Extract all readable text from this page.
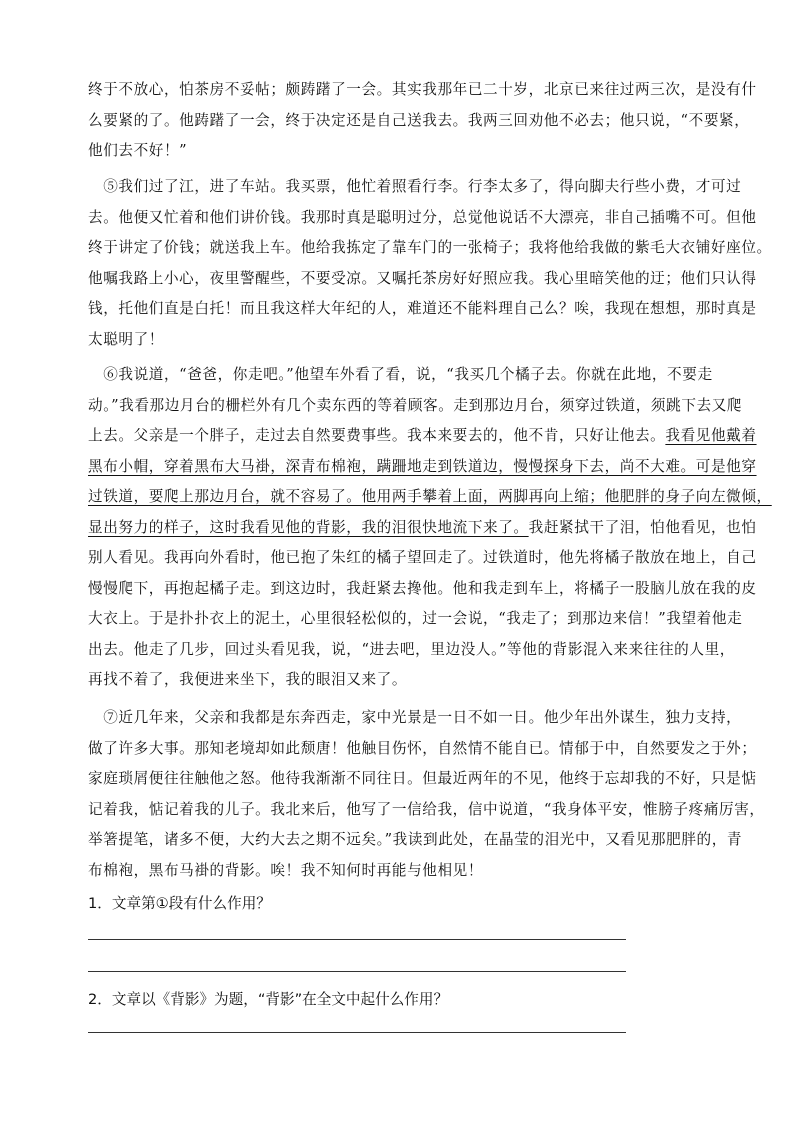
终于不放心，怕茶房不妥帖；颇踌躇了一会。其实我那年已二十岁，北京已来往过两三次，是没有什
么要紧的了。他踌躇了一会，终于决定还是自己送我去。我两三回劝他不必去；他只说，“不要紧，
他们去不好！”
　⑤我们过了江，进了车站。我买票，他忙着照看行李。行李太多了，得向脚夫行些小费，才可过
去。他便又忙着和他们讲价钱。我那时真是聪明过分，总觉他说话不大漂亮，非自己插嘴不可。但他
终于讲定了价钱；就送我上车。他给我拣定了靠车门的一张椅子；我将他给我做的紫毛大衣铺好座位。
他嘱我路上小心，夜里警醒些，不要受凉。又嘱托茶房好好照应我。我心里暗笑他的迂；他们只认得
钱，托他们直是白托！而且我这样大年纪的人，难道还不能料理自己么？唉，我现在想想，那时真是
太聪明了！
　⑥我说道，“爸爸，你走吧。”他望车外看了看，说，“我买几个橘子去。你就在此地，不要走
动。”我看那边月台的栅栏外有几个卖东西的等着顾客。走到那边月台，须穿过铁道，须跳下去又爬
上去。父亲是一个胖子，走过去自然要费事些。我本来要去的，他不肯，只好让他去。我看见他戴着
黑布小帽，穿着黑布大马褂，深青布棉袍，蹒跚地走到铁道边，慢慢探身下去，尚不大难。可是他穿
过铁道，要爬上那边月台，就不容易了。他用两手攀着上面，两脚再向上缩；他肥胖的身子向左微倾，
显出努力的样子，这时我看见他的背影，我的泪很快地流下来了。我赶紧拭干了泪，怕他看见，也怕
别人看见。我再向外看时，他已抱了朱红的橘子望回走了。过铁道时，他先将橘子散放在地上，自己
慢慢爬下，再抱起橘子走。到这边时，我赶紧去搀他。他和我走到车上，将橘子一股脑儿放在我的皮
大衣上。于是扑扑衣上的泥土，心里很轻松似的，过一会说，“我走了；到那边来信！”我望着他走
出去。他走了几步，回过头看见我，说，“进去吧，里边没人。”等他的背影混入来来往往的人里，
再找不着了，我便进来坐下，我的眼泪又来了。
　⑦近几年来，父亲和我都是东奔西走，家中光景是一日不如一日。他少年出外谋生，独力支持，
做了许多大事。那知老境却如此颓唐！他触目伤怀，自然情不能自已。情郁于中，自然要发之于外；
家庭琐屑便往往触他之怒。他待我渐渐不同往日。但最近两年的不见，他终于忘却我的不好，只是惦
记着我，惦记着我的儿子。我北来后，他写了一信给我，信中说道，“我身体平安，惟膀子疼痛厉害，
举箸提笔，诸多不便，大约大去之期不远矣。”我读到此处，在晶莹的泪光中，又看见那肥胖的，青
布棉袍，黑布马褂的背影。唉！我不知何时再能与他相见！
1．文章第①段有什么作用？
2．文章以《背影》为题，“背影”在全文中起什么作用？
